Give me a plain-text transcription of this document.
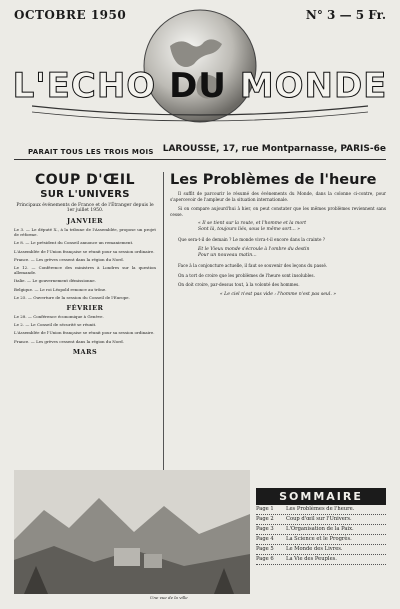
OCTOBRE 1950	N° 3 — 5 Fr.
L'ECHO DU MONDE
PARAIT TOUS LES TROIS MOIS LAROUSSE, 17, rue Montparnasse, PARIS-6e
COUP D'ŒIL
SUR L'UNIVERS
Principaux événements de France et de l'Étranger depuis le 1er juillet 1950.
JANVIER

Le 3. — Le député X., à la tribune de l'Assemblée, propose un projet de réforme.

Le 8. — Le président du Conseil annonce un remaniement.

L'Assemblée de l'Union française se réunit pour sa session ordinaire.

France. — Les grèves cessent dans la région du Nord.

Le 12. — Conférence des ministres à Londres sur la question allemande.

Italie. — Le gouvernement démissionne.

Belgique. — Le roi Léopold renonce au trône.

Le 25. — Ouverture de la session du Conseil de l'Europe.

FÉVRIER

Le 28. — Conférence économique à Genève.

Le 2. — Le Conseil de sécurité se réunit.

L'Assemblée de l'Union française se réunit pour sa session ordinaire.

France. — Les grèves cessent dans la région du Nord.

MARS
Les Problèmes de l'heure

Il suffit de parcourir le résumé des événements du Monde, dans la colonne ci-contre, pour s'apercevoir de l'ampleur de la situation internationale.

Si on compare aujourd'hui à hier, on peut constater que les mêmes problèmes reviennent sans cesse.

« Il se tient sur la route, et l'homme et la mort
Sont là, toujours liés, sous le même sort... »

Que sera-t-il de demain ? Le monde vivra-t-il encore dans la crainte ?

Et le Vieux monde s'écroule à l'ombre du destin
Pour un nouveau matin...

Face à la conjoncture actuelle, il faut se souvenir des leçons du passé.

On a tort de croire que les problèmes de l'heure sont insolubles.

On doit croire, par-dessus tout, à la volonté des hommes.

« Le ciel n'est pas vide : l'homme n'est pas seul. »
Une vue de la ville
SOMMAIRE
Page 1	Les Problèmes de l'heure.
Page 2	Coup d'œil sur l'Univers.
Page 3	L'Organisation de la Paix.
Page 4	La Science et le Progrès.
Page 5	Le Monde des Livres.
Page 6	La Vie des Peuples.
